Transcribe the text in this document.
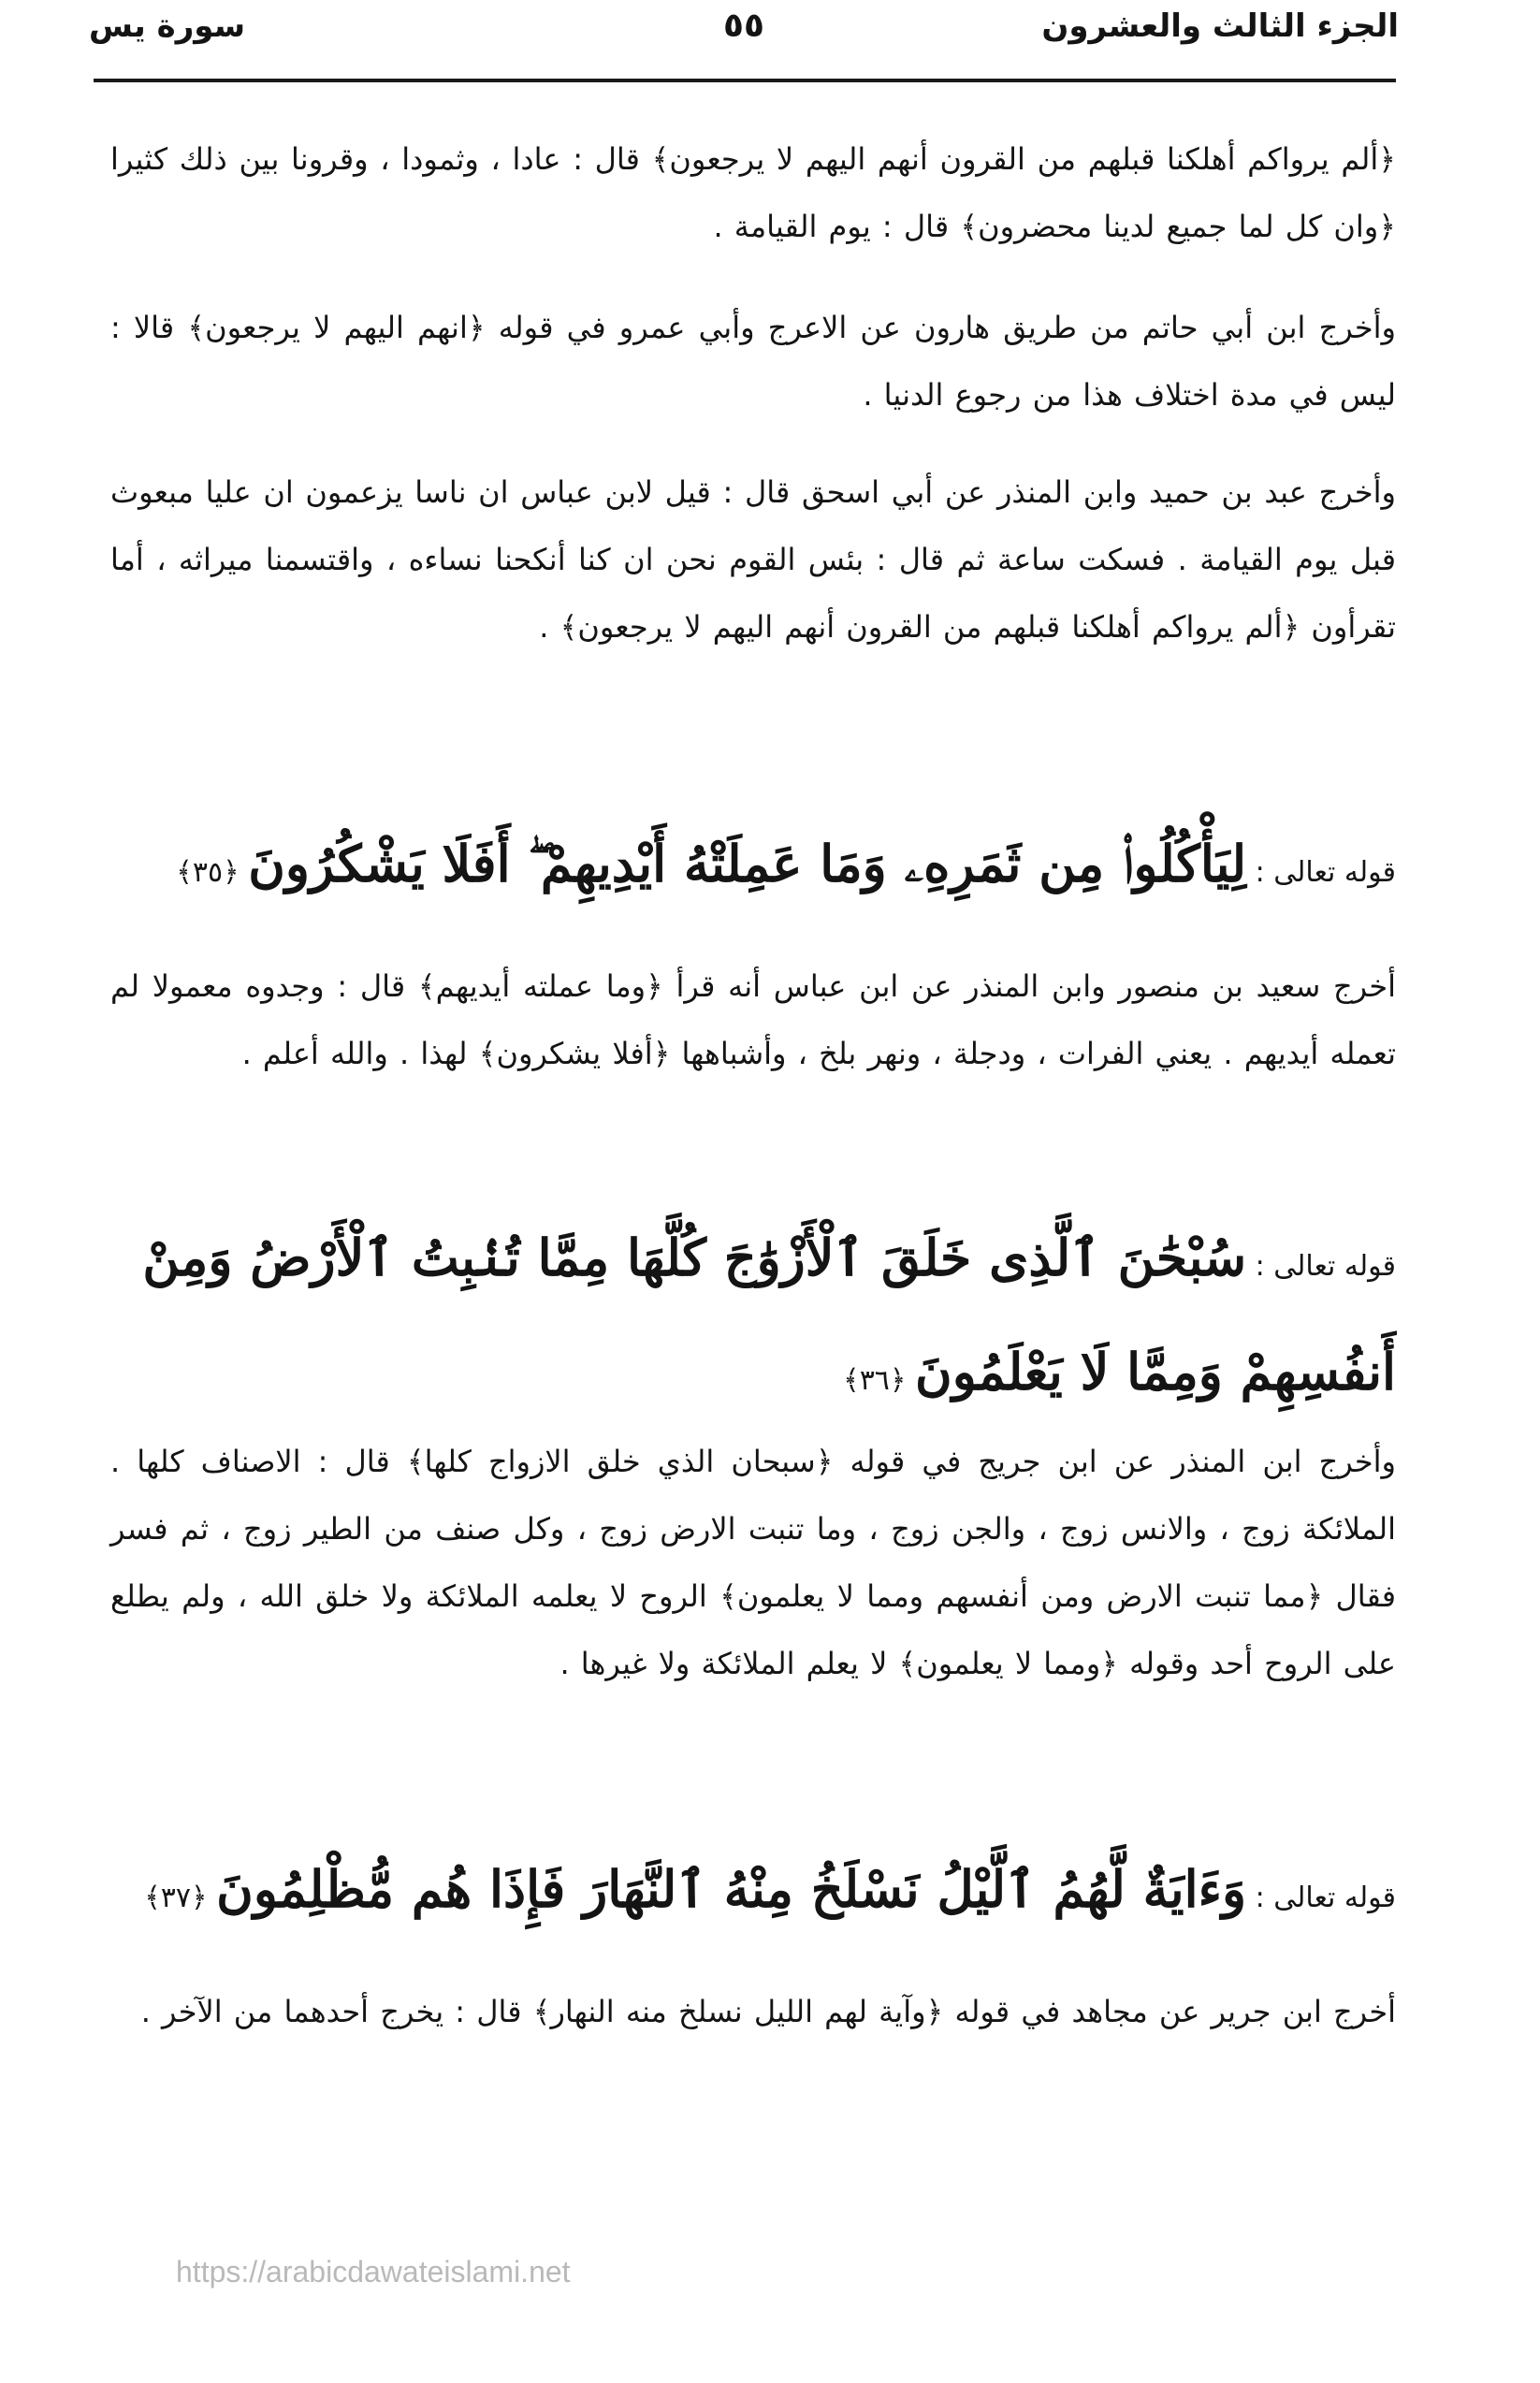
الجزء الثالث والعشرون
٥٥
سورة يس

﴿ألم يرواكم أهلكنا قبلهم من القرون أنهم اليهم لا يرجعون﴾ قال : عادا ، وثمودا ، وقرونا بين ذلك كثيرا ﴿وان كل لما جميع لدينا محضرون﴾ قال : يوم القيامة .

وأخرج ابن أبي حاتم من طريق هارون عن الاعرج وأبي عمرو في قوله ﴿انهم اليهم لا يرجعون﴾ قالا : ليس في مدة اختلاف هذا من رجوع الدنيا .

وأخرج عبد بن حميد وابن المنذر عن أبي اسحق قال : قيل لابن عباس ان ناسا يزعمون ان عليا مبعوث قبل يوم القيامة . فسكت ساعة ثم قال : بئس القوم نحن ان كنا أنكحنا نساءه ، واقتسمنا ميراثه ، أما تقرأون ﴿ألم يرواكم أهلكنا قبلهم من القرون أنهم اليهم لا يرجعون﴾ .

قوله تعالى : لِيَأْكُلُوا۟ مِن ثَمَرِهِۦ وَمَا عَمِلَتْهُ أَيْدِيهِمْ ۖ أَفَلَا يَشْكُرُونَ ﴿٣٥﴾

أخرج سعيد بن منصور وابن المنذر عن ابن عباس أنه قرأ ﴿وما عملته أيديهم﴾ قال : وجدوه معمولا لم تعمله أيديهم . يعني الفرات ، ودجلة ، ونهر بلخ ، وأشباهها ﴿أفلا يشكرون﴾ لهذا . والله أعلم .

قوله تعالى : سُبْحَٰنَ ٱلَّذِى خَلَقَ ٱلْأَزْوَٰجَ كُلَّهَا مِمَّا تُنۢبِتُ ٱلْأَرْضُ وَمِنْ أَنفُسِهِمْ وَمِمَّا لَا يَعْلَمُونَ ﴿٣٦﴾

وأخرج ابن المنذر عن ابن جريج في قوله ﴿سبحان الذي خلق الازواج كلها﴾ قال : الاصناف كلها . الملائكة زوج ، والانس زوج ، والجن زوج ، وما تنبت الارض زوج ، وكل صنف من الطير زوج ، ثم فسر فقال ﴿مما تنبت الارض ومن أنفسهم ومما لا يعلمون﴾ الروح لا يعلمه الملائكة ولا خلق الله ، ولم يطلع على الروح أحد وقوله ﴿ومما لا يعلمون﴾ لا يعلم الملائكة ولا غيرها .

قوله تعالى : وَءَايَةٌ لَّهُمُ ٱلَّيْلُ نَسْلَخُ مِنْهُ ٱلنَّهَارَ فَإِذَا هُم مُّظْلِمُونَ ﴿٣٧﴾

أخرج ابن جرير عن مجاهد في قوله ﴿وآية لهم الليل نسلخ منه النهار﴾ قال : يخرج أحدهما من الآخر .

https://arabicdawateislami.net
